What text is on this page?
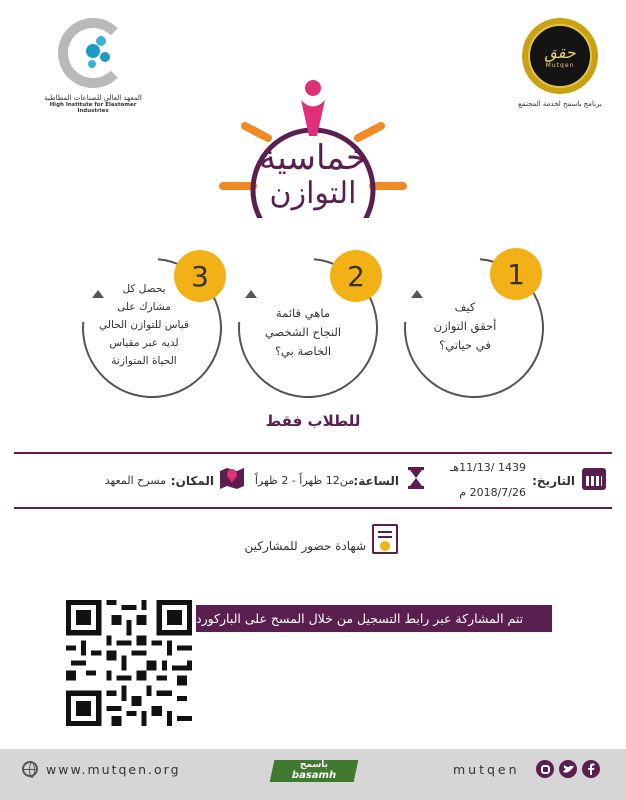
المعهد العالي للصناعات المطاطية
High Institute for Elastomer Industries
حقق
Mutqen
برنامج باسمح لخدمة المجتمع
خماسية
التوازن
1
كيف
أحقق التوازن
في حياتي؟
2
ماهي قائمة
النجاح الشخصي
الخاصة بي؟
3
يحصل كل
مشارك على
قياس للتوازن الحالي
لديه عبر مقياس
الحياة المتوازنة
للطلاب فقط
التاريخ:
1439 /11/13هـ
2018/7/26 م
الساعة:
من12 ظهراً - 2 ظهراً
المكان:
مسرح المعهد
شهادة حضور للمشاركين
تتم المشاركة عبر رابط التسجيل من خلال المسح على الباركورد
www.mutqen.org	باسمح
basamh	mutqen
